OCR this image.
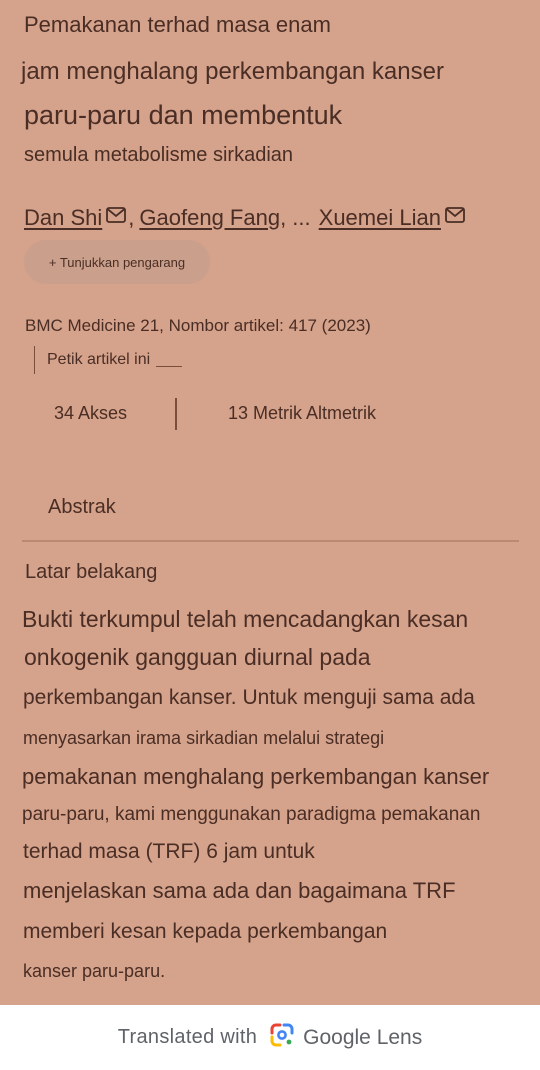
Pemakanan terhad masa enam
jam menghalang perkembangan kanser
paru-paru dan membentuk
semula metabolisme sirkadian
Dan Shi , Gaofeng Fang , ... Xuemei Lian
+ Tunjukkan pengarang
BMC Medicine 21, Nombor artikel: 417 (2023)
Petik artikel ini
34 Akses	13 Metrik Altmetrik
Abstrak
Latar belakang
Bukti terkumpul telah mencadangkan kesan
onkogenik gangguan diurnal pada
perkembangan kanser. Untuk menguji sama ada
menyasarkan irama sirkadian melalui strategi
pemakanan menghalang perkembangan kanser
paru-paru, kami menggunakan paradigma pemakanan
terhad masa (TRF) 6 jam untuk
menjelaskan sama ada dan bagaimana TRF
memberi kesan kepada perkembangan
kanser paru-paru.
Translated with Google Lens
